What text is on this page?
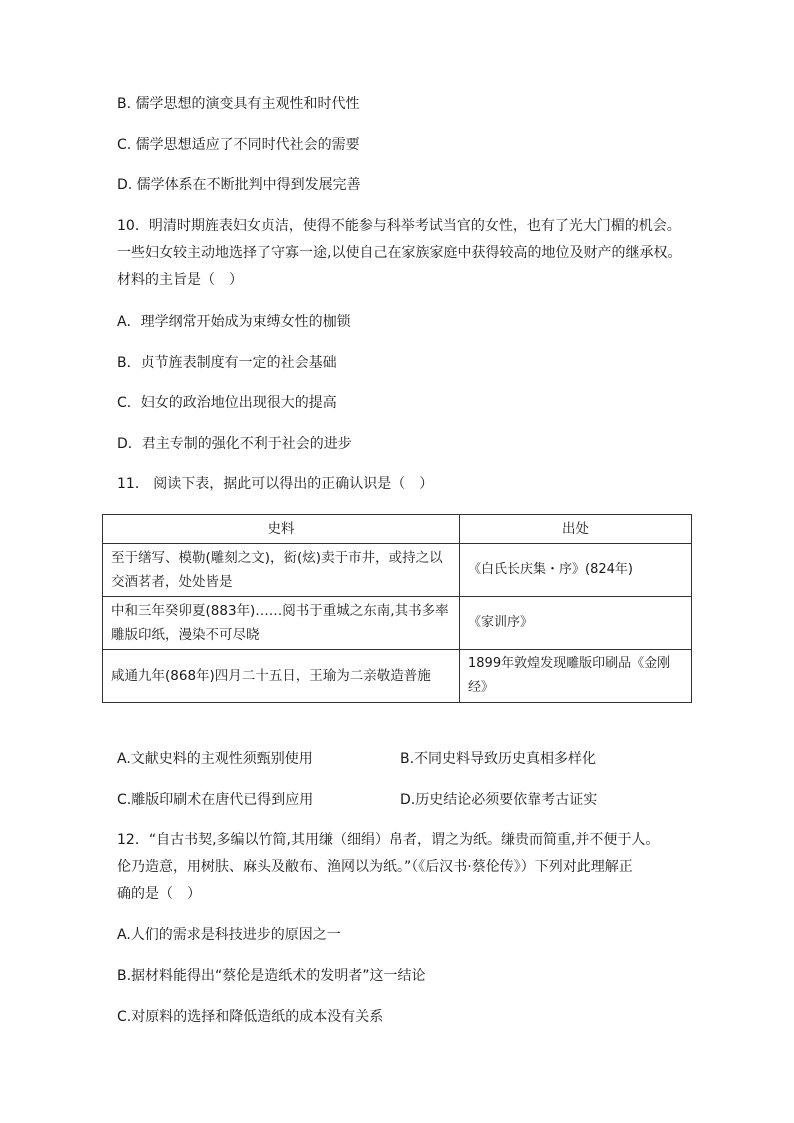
B. 儒学思想的演变具有主观性和时代性
C. 儒学思想适应了不同时代社会的需要
D. 儒学体系在不断批判中得到发展完善
10．明清时期旌表妇女贞洁，使得不能参与科举考试当官的女性，也有了光大门楣的机会。
一些妇女较主动地选择了守寡一途,以使自己在家族家庭中获得较高的地位及财产的继承权。
材料的主旨是（　）
A．理学纲常开始成为束缚女性的枷锁
B．贞节旌表制度有一定的社会基础
C．妇女的政治地位出现很大的提高
D．君主专制的强化不利于社会的进步
11． 阅读下表，据此可以得出的正确认识是（　）
史料	出处
至于缮写、模勒(雕刻之文)，衒(炫)卖于市井，或持之以交酒茗者，处处皆是	《白氏长庆集・序》(824年)
中和三年癸卯夏(883年)……阅书于重城之东南,其书多率雕版印纸，漫染不可尽晓	《家训序》
咸通九年(868年)四月二十五日，王瑜为二亲敬造普施	1899年敦煌发现雕版印刷品《金刚经》
A.文献史料的主观性须甄别使用	B.不同史料导致历史真相多样化
C.雕版印刷术在唐代已得到应用	D.历史结论必须要依靠考古证实
12．“自古书契,多编以竹简,其用缣（细绢）帛者，谓之为纸。缣贵而简重,并不便于人。
伦乃造意，用树肤、麻头及敝布、渔网以为纸。”（《后汉书·蔡伦传》）下列对此理解正
确的是（　）
A.人们的需求是科技进步的原因之一
B.据材料能得出“蔡伦是造纸术的发明者”这一结论
C.对原料的选择和降低造纸的成本没有关系
